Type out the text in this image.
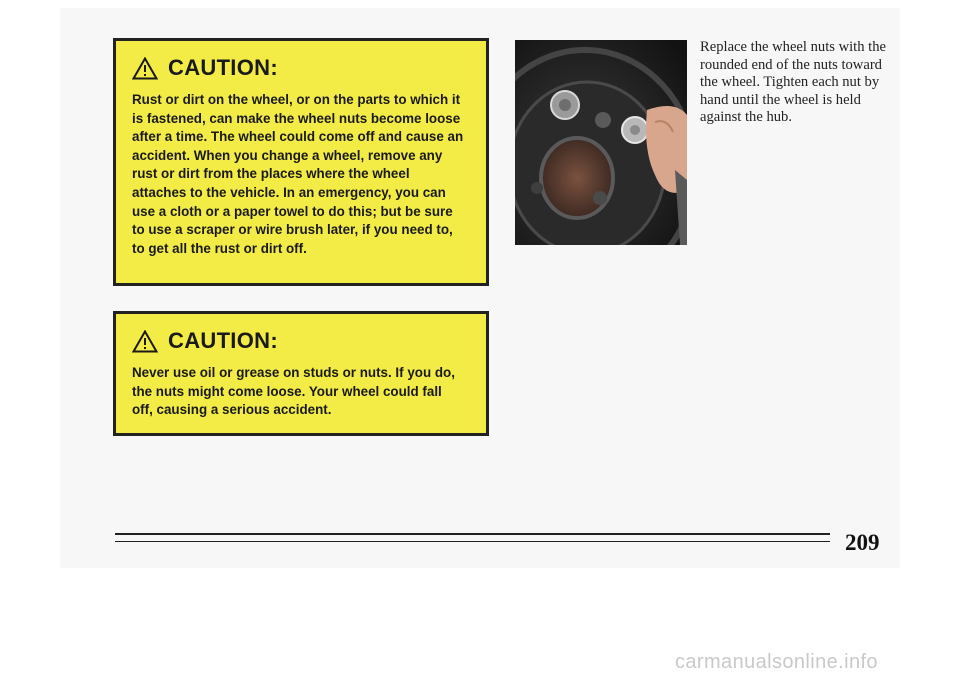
CAUTION:

Rust or dirt on the wheel, or on the parts to which it is fastened, can make the wheel nuts become loose after a time. The wheel could come off and cause an accident. When you change a wheel, remove any rust or dirt from the places where the wheel attaches to the vehicle. In an emergency, you can use a cloth or a paper towel to do this; but be sure to use a scraper or wire brush later, if you need to, to get all the rust or dirt off.

CAUTION:

Never use oil or grease on studs or nuts. If you do, the nuts might come loose. Your wheel could fall off, causing a serious accident.

Replace the wheel nuts with the rounded end of the nuts toward the wheel. Tighten each nut by hand until the wheel is held against the hub.

209
carmanualsonline.info
